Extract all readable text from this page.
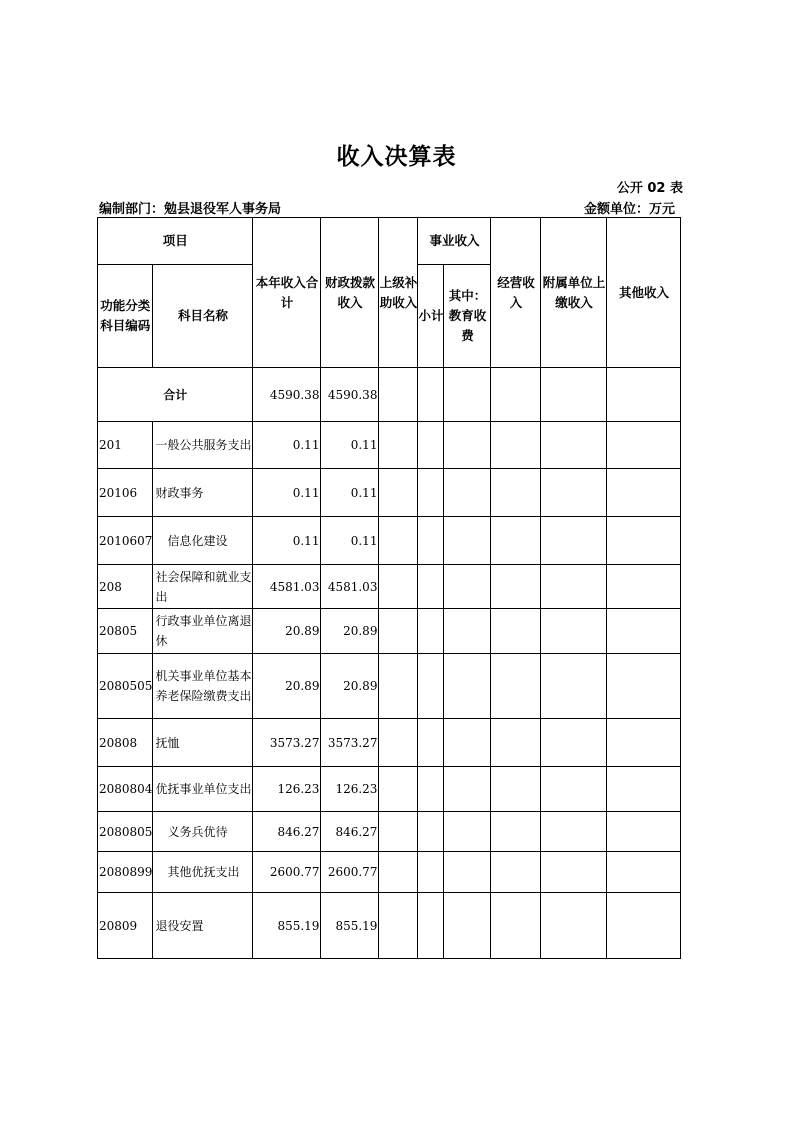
收入决算表
公开 02 表
编制部门：勉县退役军人事务局	金额单位：万元
项目		本年收入合计	财政拨款收入	上级补助收入	事业收入		经营收入	附属单位上缴收入	其他收入
功能分类科目编码	科目名称				小计	其中：教育收费			
合计		4590.38	4590.38						
201	一般公共服务支出	0.11	0.11						
20106	财政事务	0.11	0.11						
2010607	信息化建设	0.11	0.11						
208	社会保障和就业支出	4581.03	4581.03						
20805	行政事业单位离退休	20.89	20.89						
2080505	机关事业单位基本养老保险缴费支出	20.89	20.89						
20808	抚恤	3573.27	3573.27						
2080804	优抚事业单位支出	126.23	126.23						
2080805	义务兵优待	846.27	846.27						
2080899	其他优抚支出	2600.77	2600.77						
20809	退役安置	855.19	855.19						
